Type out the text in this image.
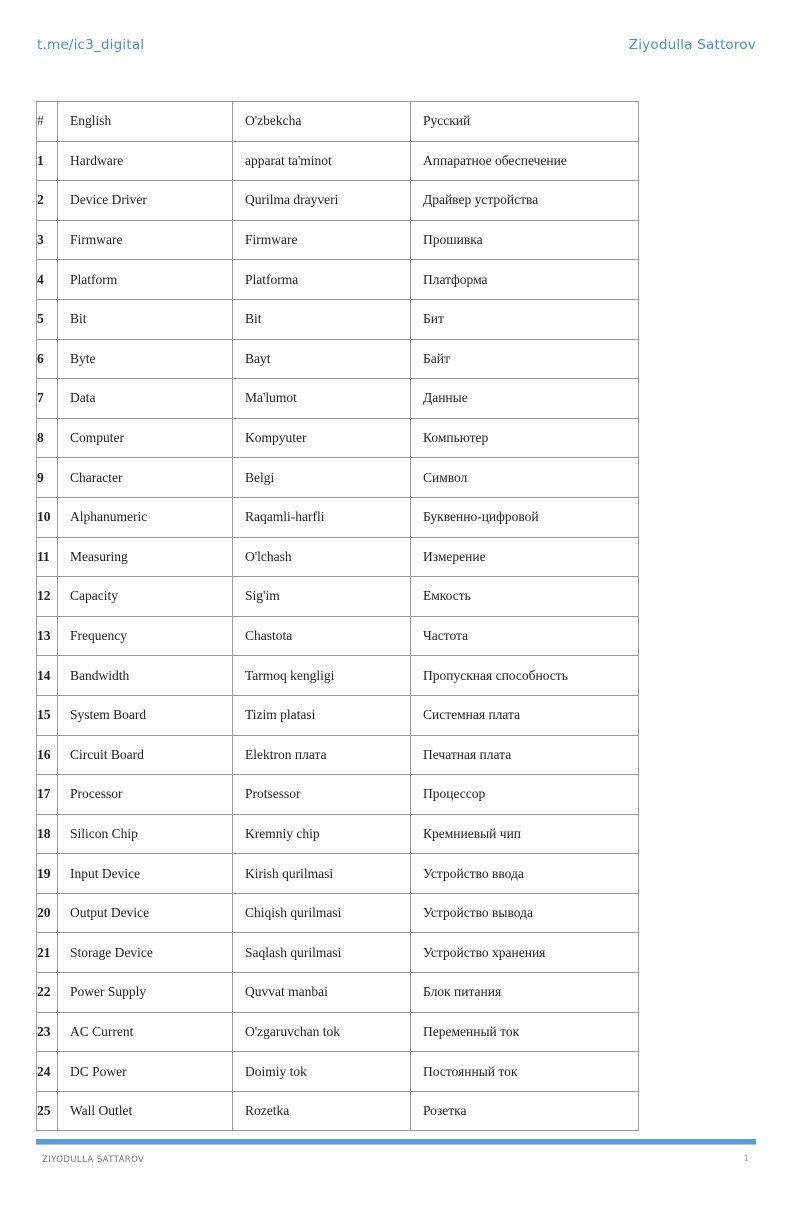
t.me/ic3_digital	Ziyodulla Sattorov
#	English	O'zbekcha	Русский
1	Hardware	apparat ta'minot	Аппаратное обеспечение
2	Device Driver	Qurilma drayveri	Драйвер устройства
3	Firmware	Firmware	Прошивка
4	Platform	Platforma	Платформа
5	Bit	Bit	Бит
6	Byte	Bayt	Байт
7	Data	Ma'lumot	Данные
8	Computer	Kompyuter	Компьютер
9	Character	Belgi	Символ
10	Alphanumeric	Raqamli-harfli	Буквенно-цифровой
11	Measuring	O'lchash	Измерение
12	Capacity	Sig'im	Емкость
13	Frequency	Chastota	Частота
14	Bandwidth	Tarmoq kengligi	Пропускная способность
15	System Board	Tizim platasi	Системная плата
16	Circuit Board	Elektron плата	Печатная плата
17	Processor	Protsessor	Процессор
18	Silicon Chip	Kremniy chip	Кремниевый чип
19	Input Device	Kirish qurilmasi	Устройство ввода
20	Output Device	Chiqish qurilmasi	Устройство вывода
21	Storage Device	Saqlash qurilmasi	Устройство хранения
22	Power Supply	Quvvat manbai	Блок питания
23	AC Current	O'zgaruvchan tok	Переменный ток
24	DC Power	Doimiy tok	Постоянный ток
25	Wall Outlet	Rozetka	Розетка
ZIYODULLA SATTAROV	1
